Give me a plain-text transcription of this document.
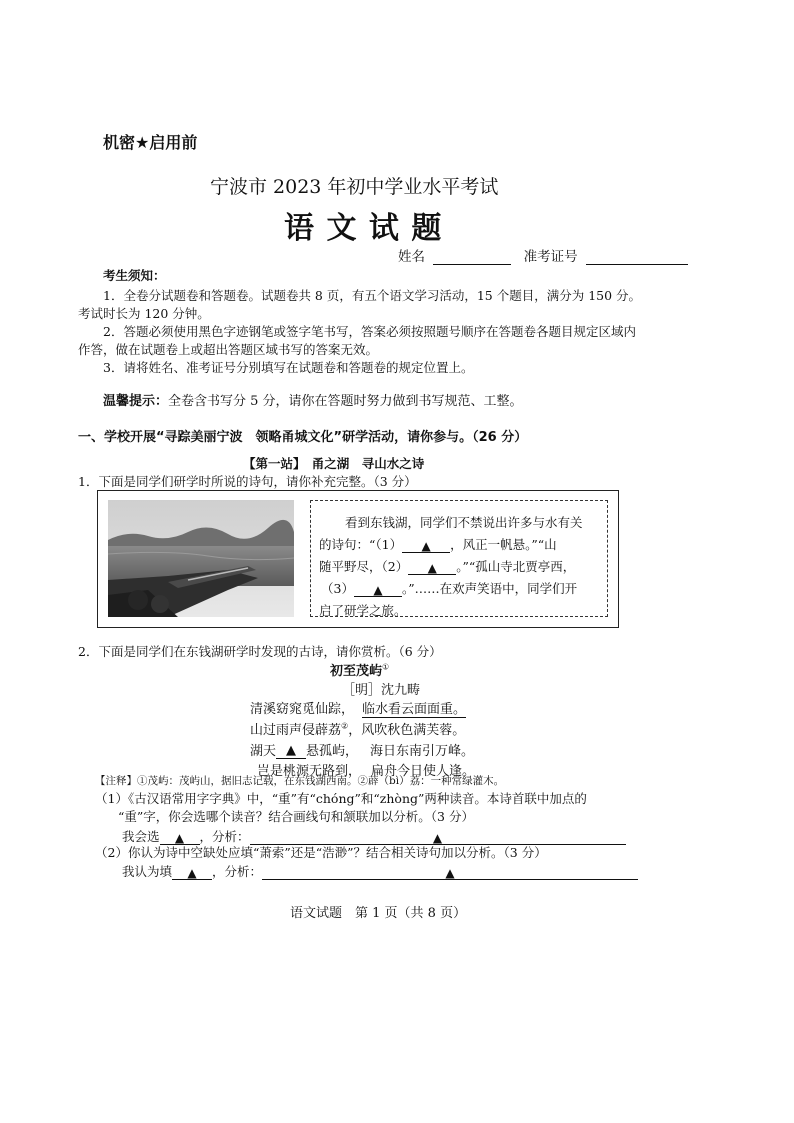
机密★启用前
宁波市 2023 年初中学业水平考试
语 文 试 题
姓名	准考证号
考生须知：
1．全卷分试题卷和答题卷。试题卷共 8 页，有五个语文学习活动，15 个题目，满分为 150 分。
考试时长为 120 分钟。
2．答题必须使用黑色字迹钢笔或签字笔书写，答案必须按照题号顺序在答题卷各题目规定区域内
作答，做在试题卷上或超出答题区域书写的答案无效。
3．请将姓名、准考证号分别填写在试题卷和答题卷的规定位置上。
温馨提示：全卷含书写分 5 分，请你在答题时努力做到书写规范、工整。
一、学校开展“寻踪美丽宁波　领略甬城文化”研学活动，请你参与。（26 分）
【第一站】　甬之湖　寻山水之诗
1．下面是同学们研学时所说的诗句，请你补充完整。（3 分）
看到东钱湖，同学们不禁说出许多与水有关
的诗句：“（1） ▲ ，风正一帆悬。”“山
随平野尽，（2） ▲ 。”“孤山寺北贾亭西，
（3） ▲ 。”……在欢声笑语中，同学们开
启了研学之旅。
2．下面是同学们在东钱湖研学时发现的古诗，请你赏析。（6 分）
初至茂屿①
［明］沈九畴
清溪窈窕觅仙踪， 临水看云面面重。
山过雨声侵薜荔②，风吹秋色满芙蓉。
湖天 ▲ 悬孤屿， 海日东南引万峰。
岂是桃源无路到， 扁舟今日使人逢。
【注释】①茂屿：茂屿山，据旧志记载，在东钱湖西南。②薜（bì）荔：一种常绿灌木。
（1）《古汉语常用字字典》中，“重”有“chóng”和“zhòng”两种读音。本诗首联中加点的
“重”字，你会选哪个读音？结合画线句和颔联加以分析。（3 分）
我会选 ▲ ，分析：	▲
（2）你认为诗中空缺处应填“萧索”还是“浩渺”？结合相关诗句加以分析。（3 分）
我认为填 ▲ ，分析：	▲
语文试题　第 1 页（共 8 页）
